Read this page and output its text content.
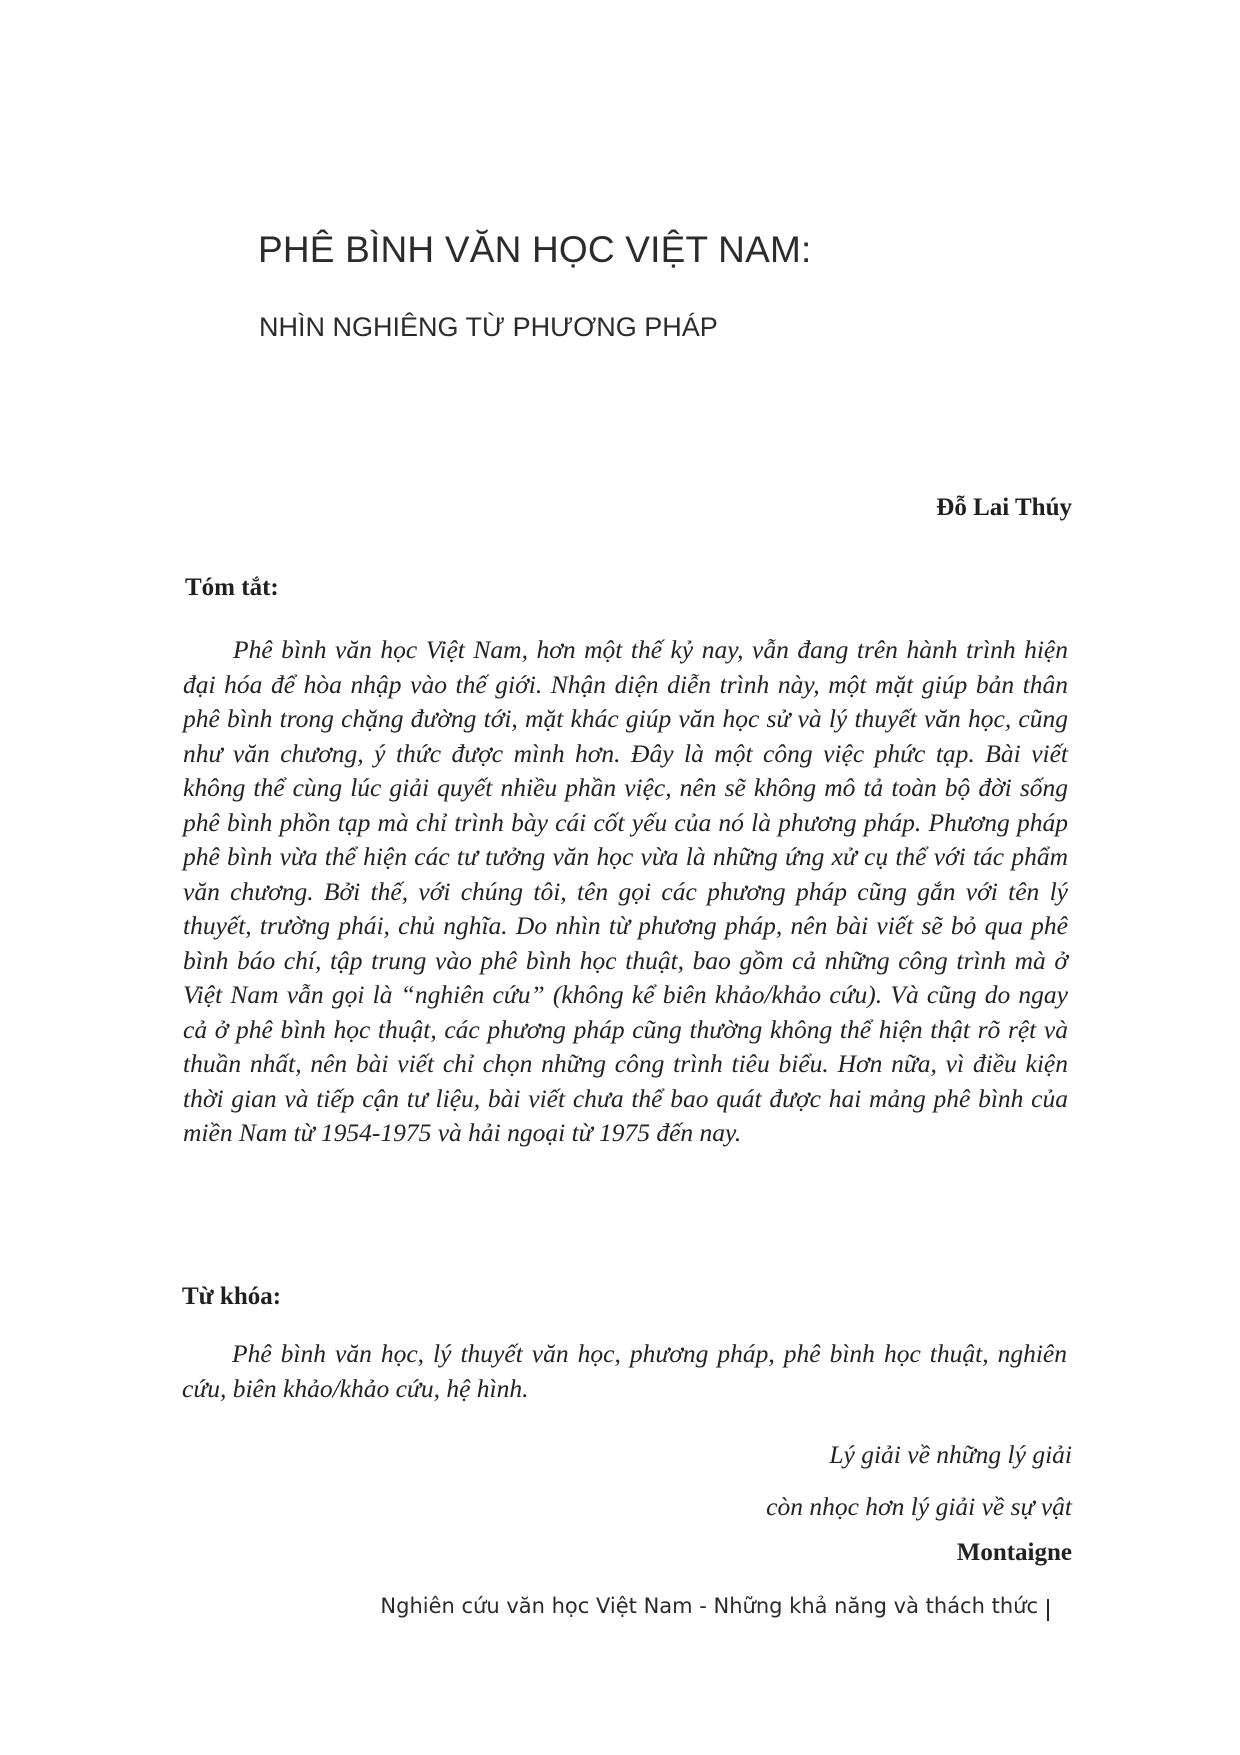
PHÊ BÌNH VĂN HỌC VIỆT NAM:
NHÌN NGHIÊNG TỪ PHƯƠNG PHÁP
Đỗ Lai Thúy
Tóm tắt:

Phê bình văn học Việt Nam, hơn một thế kỷ nay, vẫn đang trên hành trình hiện đại hóa để hòa nhập vào thế giới. Nhận diện diễn trình này, một mặt giúp bản thân phê bình trong chặng đường tới, mặt khác giúp văn học sử và lý thuyết văn học, cũng như văn chương, ý thức được mình hơn. Đây là một công việc phức tạp. Bài viết không thể cùng lúc giải quyết nhiều phần việc, nên sẽ không mô tả toàn bộ đời sống phê bình phồn tạp mà chỉ trình bày cái cốt yếu của nó là phương pháp. Phương pháp phê bình vừa thể hiện các tư tưởng văn học vừa là những ứng xử cụ thể với tác phẩm văn chương. Bởi thế, với chúng tôi, tên gọi các phương pháp cũng gắn với tên lý thuyết, trường phái, chủ nghĩa. Do nhìn từ phương pháp, nên bài viết sẽ bỏ qua phê bình báo chí, tập trung vào phê bình học thuật, bao gồm cả những công trình mà ở Việt Nam vẫn gọi là “nghiên cứu” (không kể biên khảo/khảo cứu). Và cũng do ngay cả ở phê bình học thuật, các phương pháp cũng thường không thể hiện thật rõ rệt và thuần nhất, nên bài viết chỉ chọn những công trình tiêu biểu. Hơn nữa, vì điều kiện thời gian và tiếp cận tư liệu, bài viết chưa thể bao quát được hai mảng phê bình của miền Nam từ 1954-1975 và hải ngoại từ 1975 đến nay.

Từ khóa:

Phê bình văn học, lý thuyết văn học, phương pháp, phê bình học thuật, nghiên cứu, biên khảo/khảo cứu, hệ hình.

Lý giải về những lý giải
còn nhọc hơn lý giải về sự vật
Montaigne
Nghiên cứu văn học Việt Nam - Những khả năng và thách thức
